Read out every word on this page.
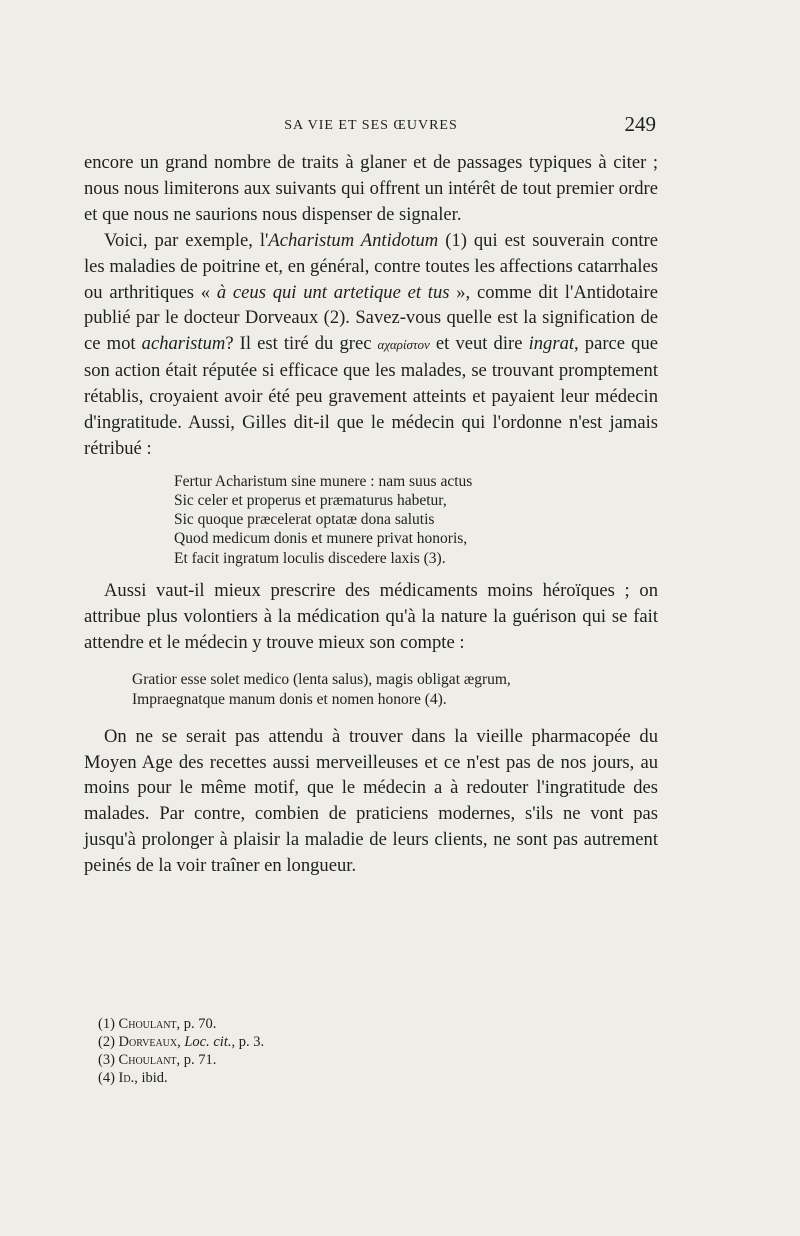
SA VIE ET SES ŒUVRES	249

encore un grand nombre de traits à glaner et de passages typiques à citer ; nous nous limiterons aux suivants qui offrent un intérêt de tout premier ordre et que nous ne saurions nous dispenser de signaler.

Voici, par exemple, l'Acharistum Antidotum (1) qui est souverain contre les maladies de poitrine et, en général, contre toutes les affections catarrhales ou arthritiques « à ceus qui unt artetique et tus », comme dit l'Antidotaire publié par le docteur Dorveaux (2). Savez-vous quelle est la signification de ce mot acharistum? Il est tiré du grec αχαρίστον et veut dire ingrat, parce que son action était réputée si efficace que les malades, se trouvant promptement rétablis, croyaient avoir été peu gravement atteints et payaient leur médecin d'ingratitude. Aussi, Gilles dit-il que le médecin qui l'ordonne n'est jamais rétribué :

Fertur Acharistum sine munere : nam suus actus
Sic celer et properus et præmaturus habetur,
Sic quoque præcelerat optatæ dona salutis
Quod medicum donis et munere privat honoris,
Et facit ingratum loculis discedere laxis (3).

Aussi vaut-il mieux prescrire des médicaments moins héroïques ; on attribue plus volontiers à la médication qu'à la nature la guérison qui se fait attendre et le médecin y trouve mieux son compte :

Gratior esse solet medico (lenta salus), magis obligat ægrum,
Impraegnatque manum donis et nomen honore (4).

On ne se serait pas attendu à trouver dans la vieille pharmacopée du Moyen Age des recettes aussi merveilleuses et ce n'est pas de nos jours, au moins pour le même motif, que le médecin a à redouter l'ingratitude des malades. Par contre, combien de praticiens modernes, s'ils ne vont pas jusqu'à prolonger à plaisir la maladie de leurs clients, ne sont pas autrement peinés de la voir traîner en longueur.

(1) Choulant, p. 70.
(2) Dorveaux, Loc. cit., p. 3.
(3) Choulant, p. 71.
(4) Id., ibid.
